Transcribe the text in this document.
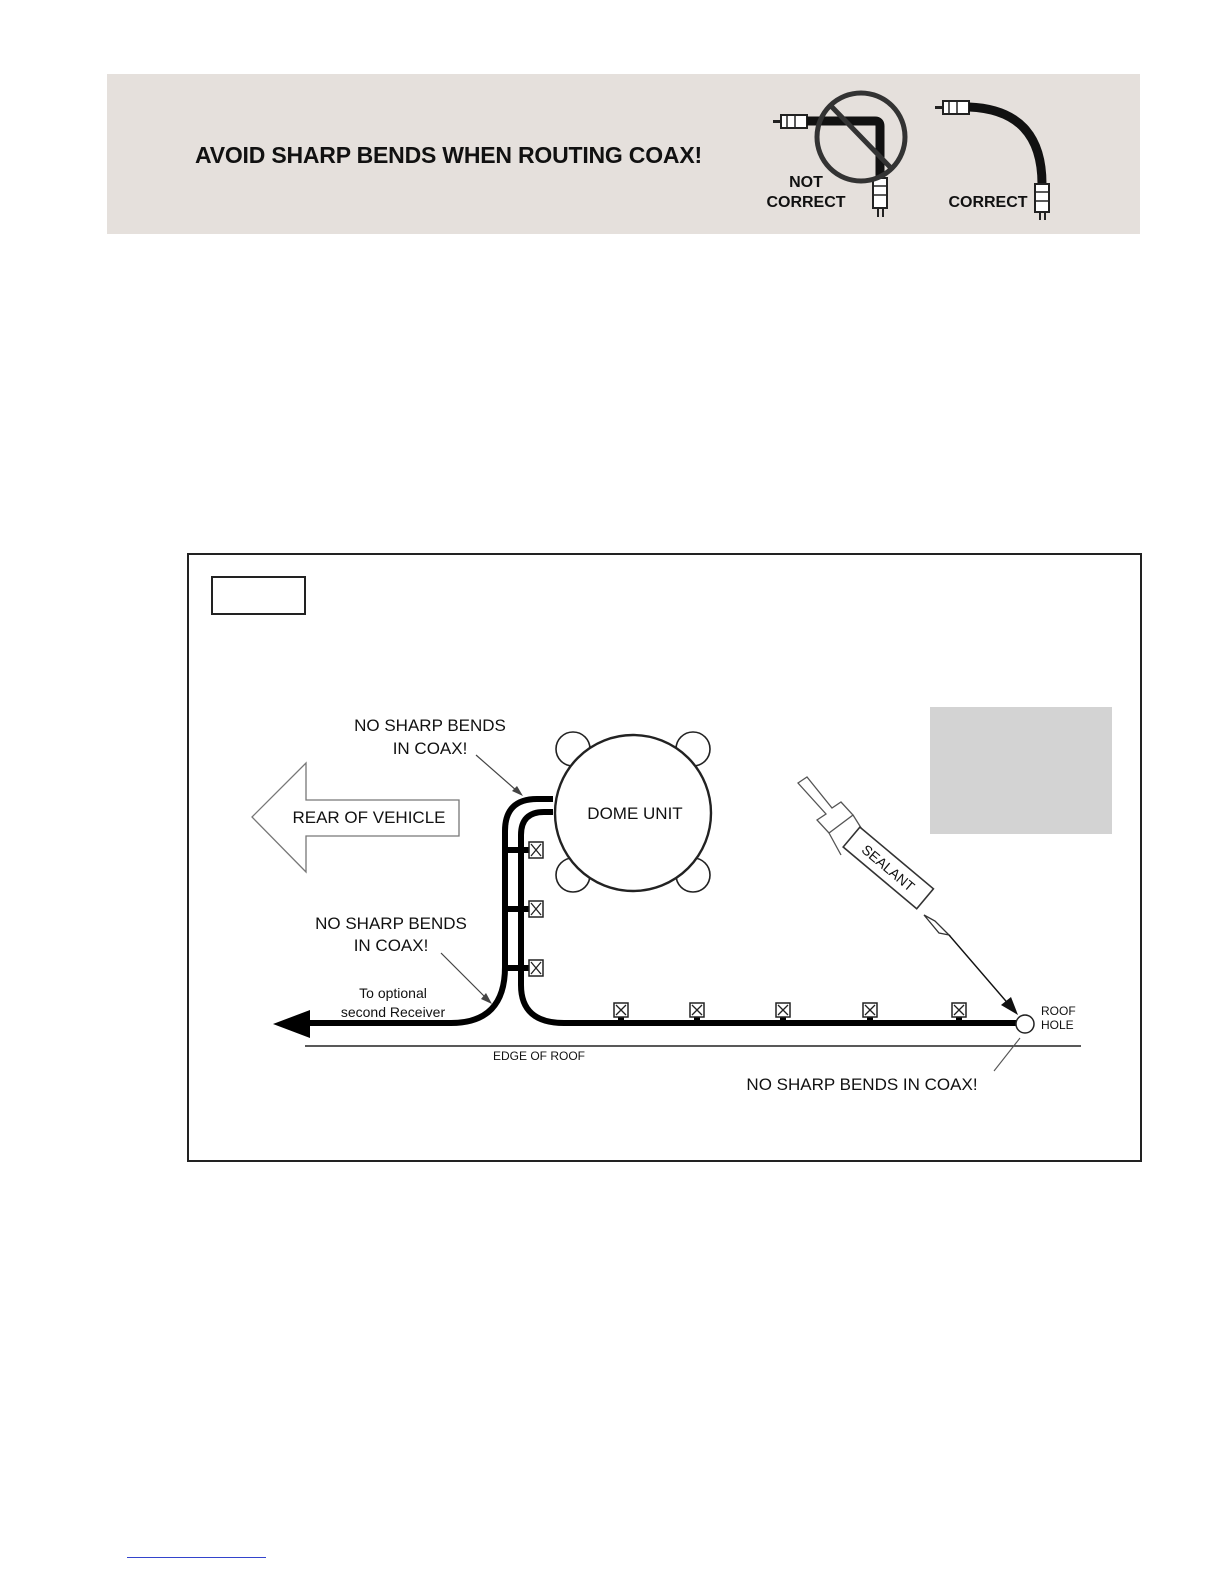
AVOID SHARP BENDS WHEN ROUTING COAX!
NOT
CORRECT	CORRECT
REAR OF VEHICLE	DOME UNIT
ROOF
HOLE
EDGE OF ROOF
SEALANT
NO SHARP BENDS
IN COAX!
NO SHARP BENDS
IN COAX!
To optional
second Receiver
NO SHARP BENDS IN COAX!
